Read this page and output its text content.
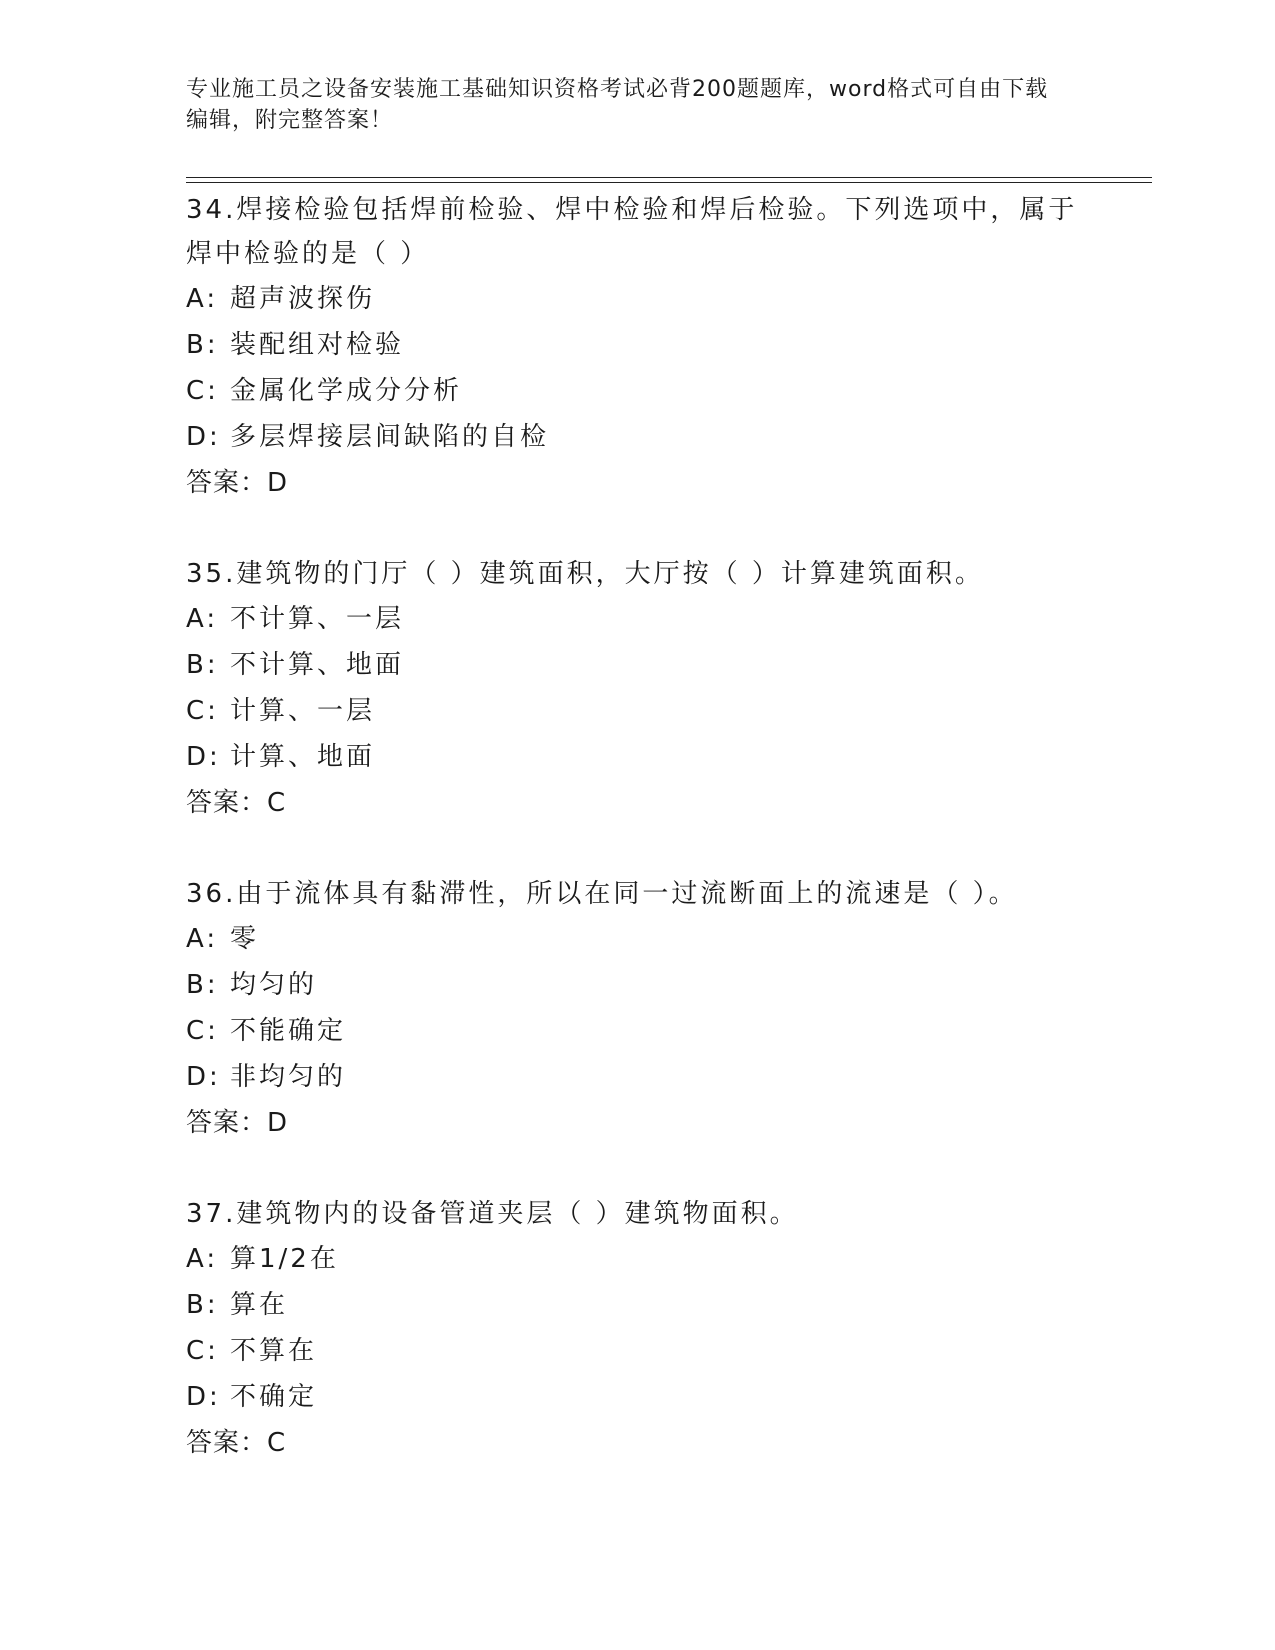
专业施工员之设备安装施工基础知识资格考试必背200题题库，word格式可自由下载编辑，附完整答案！
34.焊接检验包括焊前检验、焊中检验和焊后检验。下列选项中，属于焊中检验的是（ ）
A: 超声波探伤
B: 装配组对检验
C: 金属化学成分分析
D: 多层焊接层间缺陷的自检
答案：D
35.建筑物的门厅（ ）建筑面积，大厅按（ ）计算建筑面积。
A: 不计算、一层
B: 不计算、地面
C: 计算、一层
D: 计算、地面
答案：C
36.由于流体具有黏滞性，所以在同一过流断面上的流速是（ ）。
A: 零
B: 均匀的
C: 不能确定
D: 非均匀的
答案：D
37.建筑物内的设备管道夹层（ ）建筑物面积。
A: 算1/2在
B: 算在
C: 不算在
D: 不确定
答案：C
